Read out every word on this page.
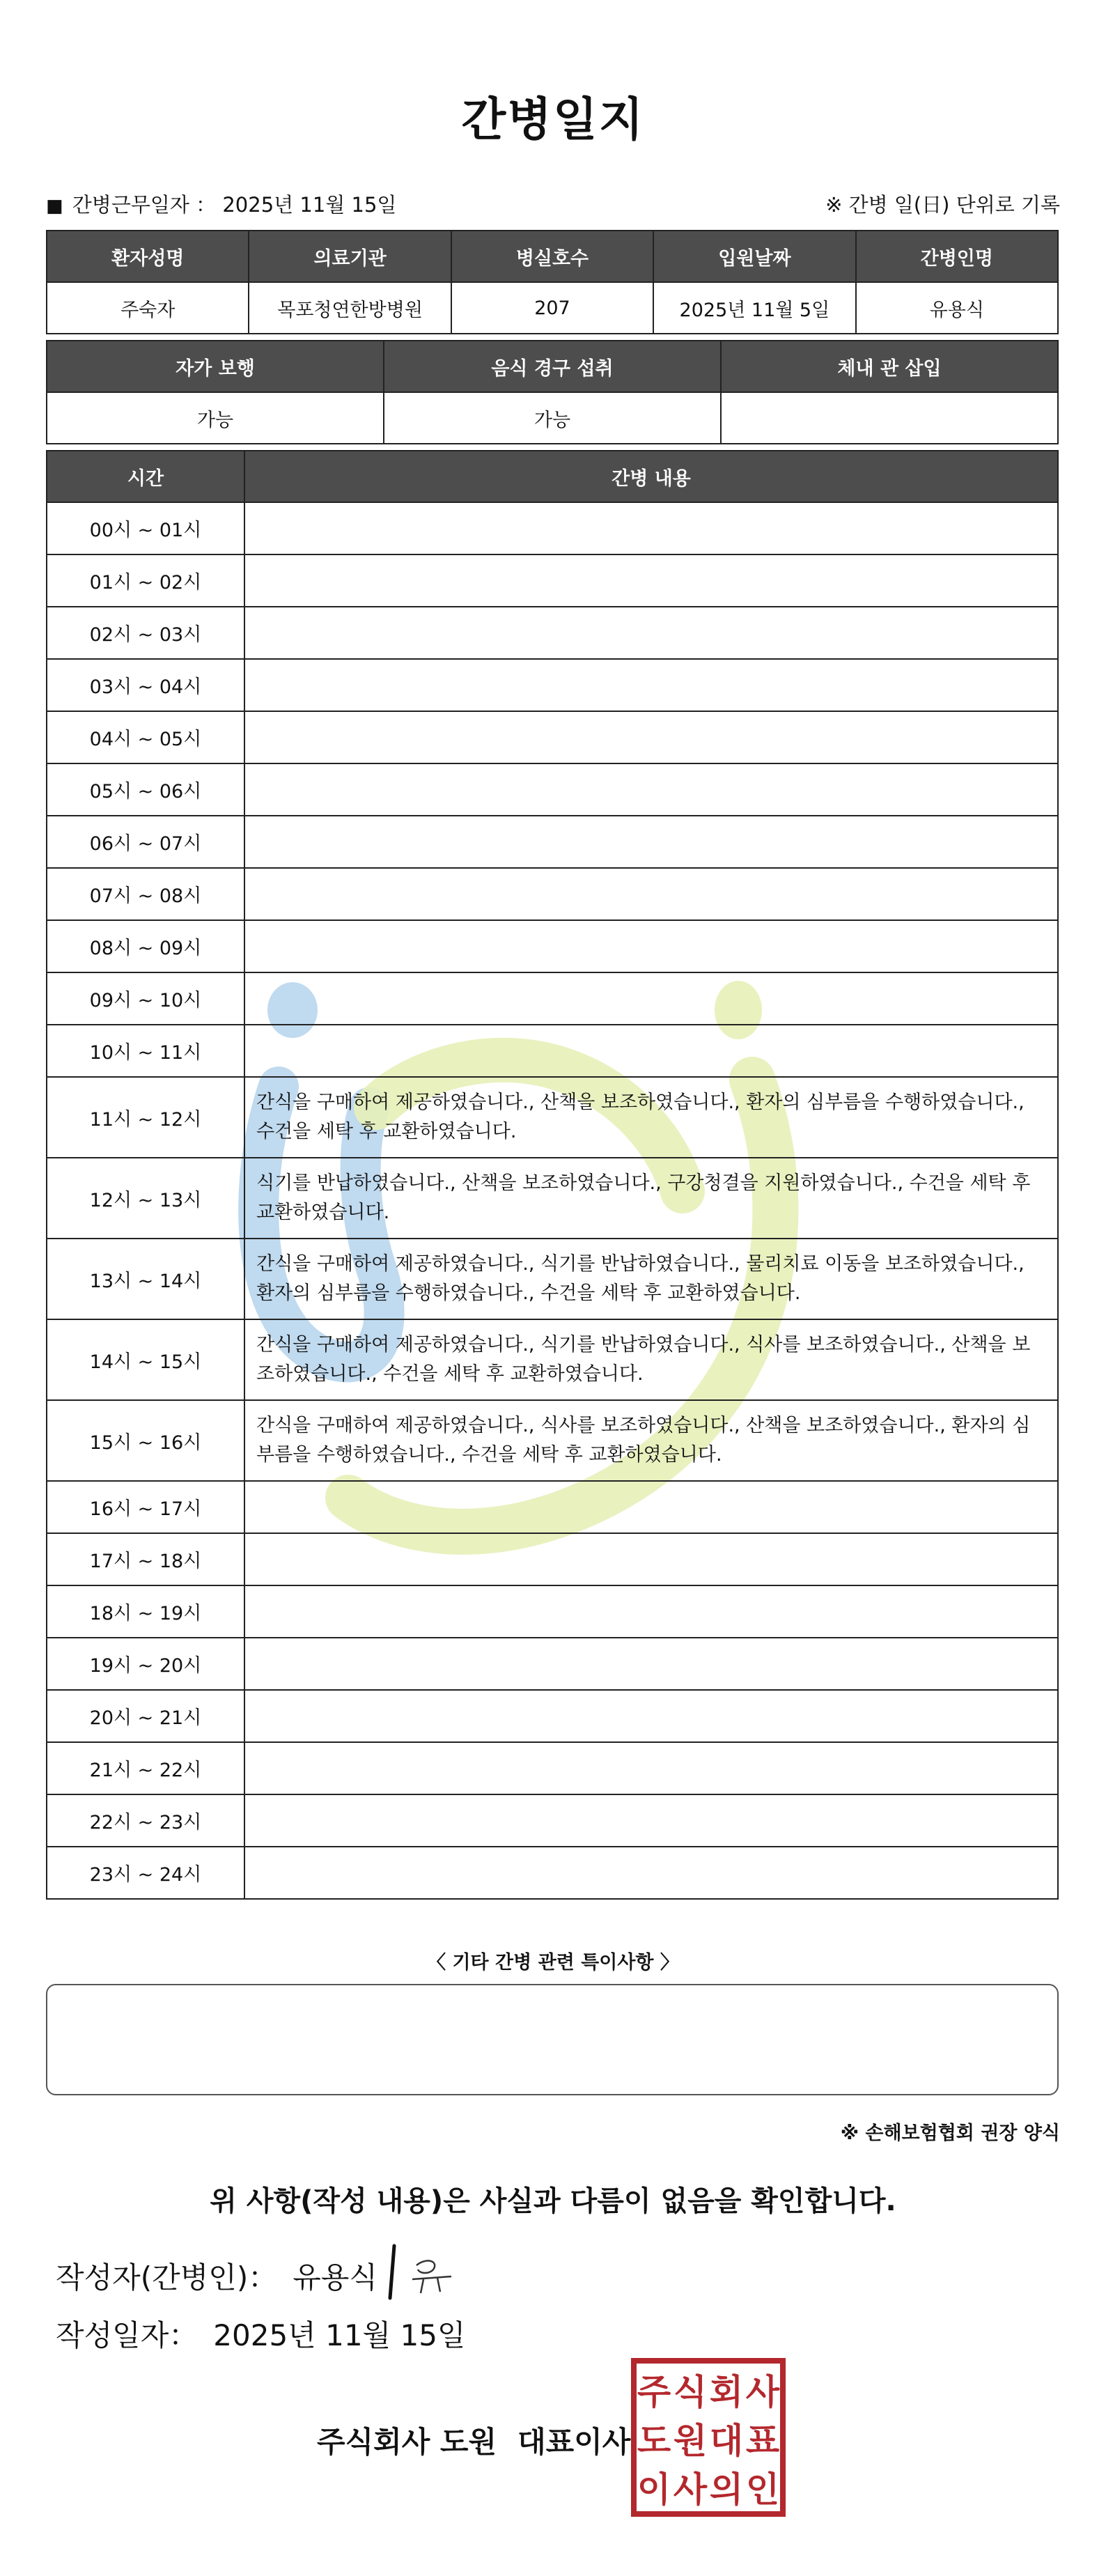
간병일지
■ 간병근무일자 ： 2025년 11월 15일	※ 간병 일(日) 단위로 기록
환자성명	의료기관	병실호수	입원날짜	간병인명
주숙자	목포청연한방병원	207	2025년 11월 5일	유용식
자가 보행	음식 경구 섭취	체내 관 삽입
가능	가능	
시간	간병 내용
00시 ~ 01시	
01시 ~ 02시	
02시 ~ 03시	
03시 ~ 04시	
04시 ~ 05시	
05시 ~ 06시	
06시 ~ 07시	
07시 ~ 08시	
08시 ~ 09시	
09시 ~ 10시	
10시 ~ 11시	
11시 ~ 12시	간식을 구매하여 제공하였습니다., 산책을 보조하였습니다., 환자의 심부름을 수행하였습니다., 수건을 세탁 후 교환하였습니다.
12시 ~ 13시	식기를 반납하였습니다., 산책을 보조하였습니다., 구강청결을 지원하였습니다., 수건을 세탁 후 교환하였습니다.
13시 ~ 14시	간식을 구매하여 제공하였습니다., 식기를 반납하였습니다., 물리치료 이동을 보조하였습니다., 환자의 심부름을 수행하였습니다., 수건을 세탁 후 교환하였습니다.
14시 ~ 15시	간식을 구매하여 제공하였습니다., 식기를 반납하였습니다., 식사를 보조하였습니다., 산책을 보조하였습니다., 수건을 세탁 후 교환하였습니다.
15시 ~ 16시	간식을 구매하여 제공하였습니다., 식사를 보조하였습니다., 산책을 보조하였습니다., 환자의 심부름을 수행하였습니다., 수건을 세탁 후 교환하였습니다.
16시 ~ 17시	
17시 ~ 18시	
18시 ~ 19시	
19시 ~ 20시	
20시 ~ 21시	
21시 ~ 22시	
22시 ~ 23시	
23시 ~ 24시	
〈 기타 간병 관련 특이사항 〉
※ 손해보험협회 권장 양식
위 사항(작성 내용)은 사실과 다름이 없음을 확인합니다.
작성자(간병인)： 유용식
작성일자： 2025년 11월 15일
주식회사 도원 대표이사
주 식 회 사
도 원 대 표
이 사 의 인
